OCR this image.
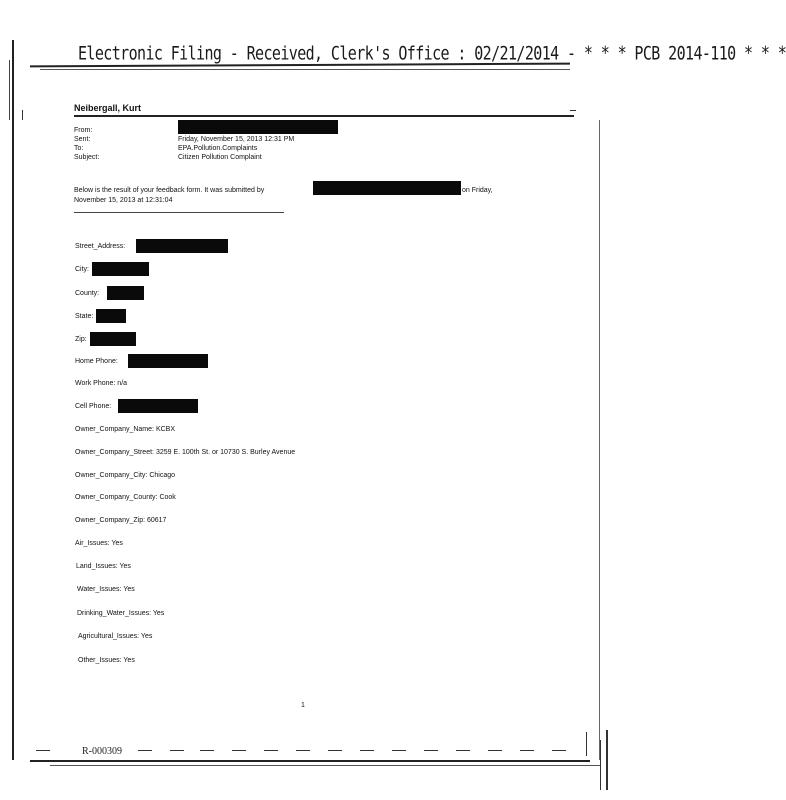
Electronic Filing - Received, Clerk's Office : 02/21/2014 - * * * PCB 2014-110 * * *
Neibergall, Kurt
From:
Sent:	Friday, November 15, 2013 12:31 PM
To:	EPA.Pollution.Complaints
Subject:	Citizen Pollution Complaint
Below is the result of your feedback form. It was submitted by	on Friday,
November 15, 2013 at 12:31:04
Street_Address:
City:
County:
State:
Zip:
Home Phone:
Work Phone: n/a
Cell Phone:
Owner_Company_Name: KCBX
Owner_Company_Street: 3259 E. 100th St. or 10730 S. Burley Avenue
Owner_Company_City: Chicago
Owner_Company_County: Cook
Owner_Company_Zip: 60617
Air_Issues: Yes
Land_Issues: Yes
Water_Issues: Yes
Drinking_Water_Issues: Yes
Agricultural_Issues: Yes
Other_Issues: Yes
1
R-000309
